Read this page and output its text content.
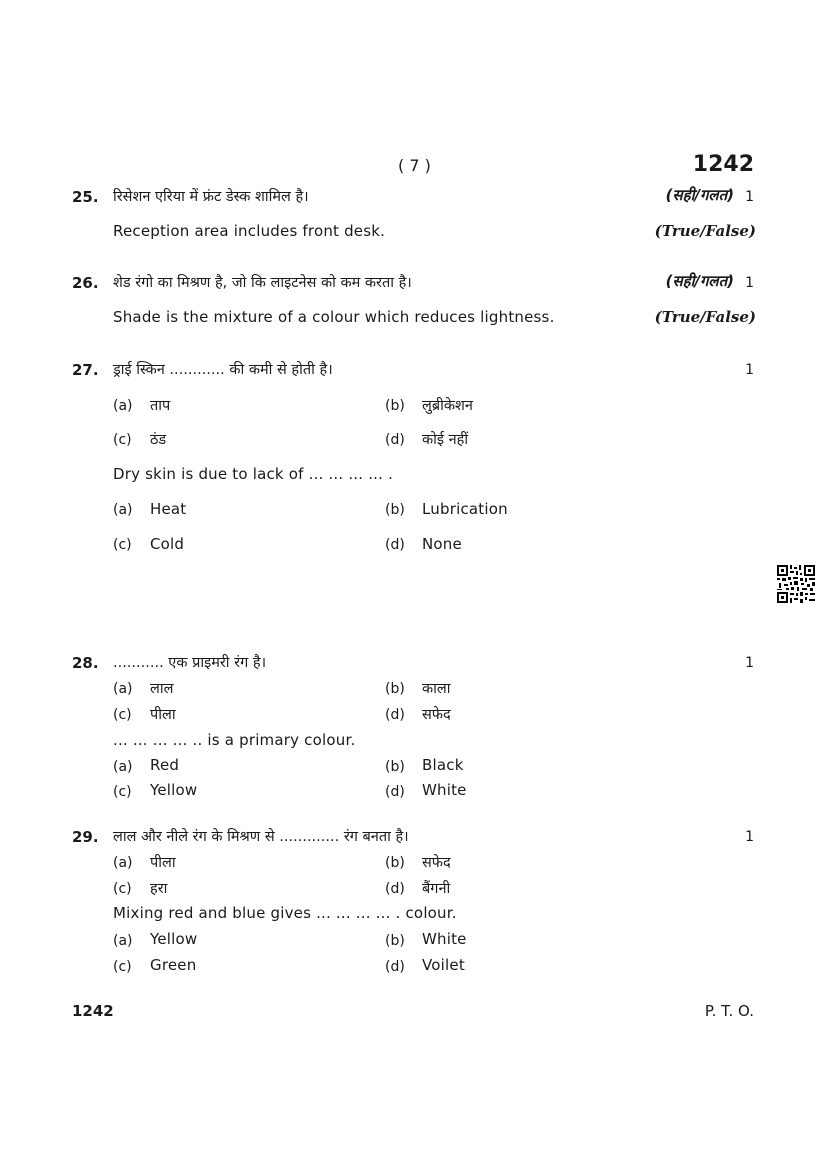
( 7 )	1242
25. रिसेशन एरिया में फ्रंट डेस्क शामिल है।	(सही/गलत) 1
Reception area includes front desk.	(True/False)
26. शेड रंगो का मिश्रण है, जो कि लाइटनेस को कम करता है।	(सही/गलत) 1
Shade is the mixture of a colour which reduces lightness.	(True/False)
27. ड्राई स्किन ............ की कमी से होती है।	1
(a) ताप	(b) लुब्रीकेशन
(c) ठंड	(d) कोई नहीं
Dry skin is due to lack of ... ... ... ... .
(a) Heat	(b) Lubrication
(c) Cold	(d) None
28. ........... एक प्राइमरी रंग है।	1
(a) लाल	(b) काला
(c) पीला	(d) सफेद
... ... ... ... .. is a primary colour.
(a) Red	(b) Black
(c) Yellow	(d) White
29. लाल और नीले रंग के मिश्रण से ............. रंग बनता है।	1
(a) पीला	(b) सफेद
(c) हरा	(d) बैंगनी
Mixing red and blue gives ... ... ... ... . colour.
(a) Yellow	(b) White
(c) Green	(d) Voilet
1242	P. T. O.
